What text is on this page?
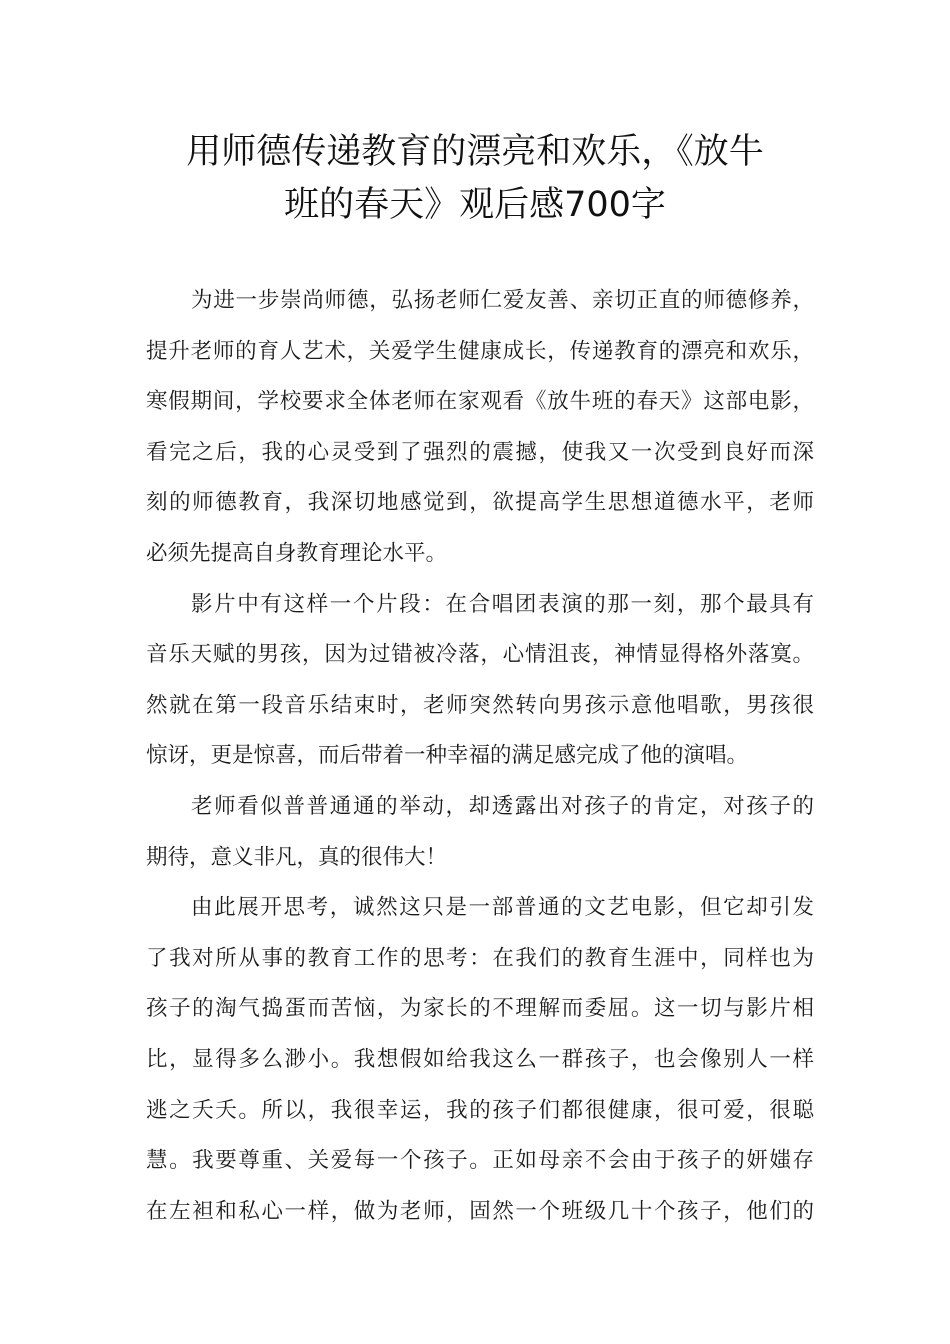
用师德传递教育的漂亮和欢乐，《放牛
班的春天》观后感700字
为进一步崇尚师德，弘扬老师仁爱友善、亲切正直的师德修养，
提升老师的育人艺术，关爱学生健康成长，传递教育的漂亮和欢乐，
寒假期间，学校要求全体老师在家观看《放牛班的春天》这部电影，
看完之后，我的心灵受到了强烈的震撼，使我又一次受到良好而深
刻的师德教育，我深切地感觉到，欲提高学生思想道德水平，老师
必须先提高自身教育理论水平。
影片中有这样一个片段：在合唱团表演的那一刻，那个最具有
音乐天赋的男孩，因为过错被冷落，心情沮丧，神情显得格外落寞。
然就在第一段音乐结束时，老师突然转向男孩示意他唱歌，男孩很
惊讶，更是惊喜，而后带着一种幸福的满足感完成了他的演唱。
老师看似普普通通的举动，却透露出对孩子的肯定，对孩子的
期待，意义非凡，真的很伟大！
由此展开思考，诚然这只是一部普通的文艺电影，但它却引发
了我对所从事的教育工作的思考：在我们的教育生涯中，同样也为
孩子的淘气捣蛋而苦恼，为家长的不理解而委屈。这一切与影片相
比，显得多么渺小。我想假如给我这么一群孩子，也会像别人一样
逃之夭夭。所以，我很幸运，我的孩子们都很健康，很可爱，很聪
慧。我要尊重、关爱每一个孩子。正如母亲不会由于孩子的妍媸存
在左袒和私心一样，做为老师，固然一个班级几十个孩子，他们的
